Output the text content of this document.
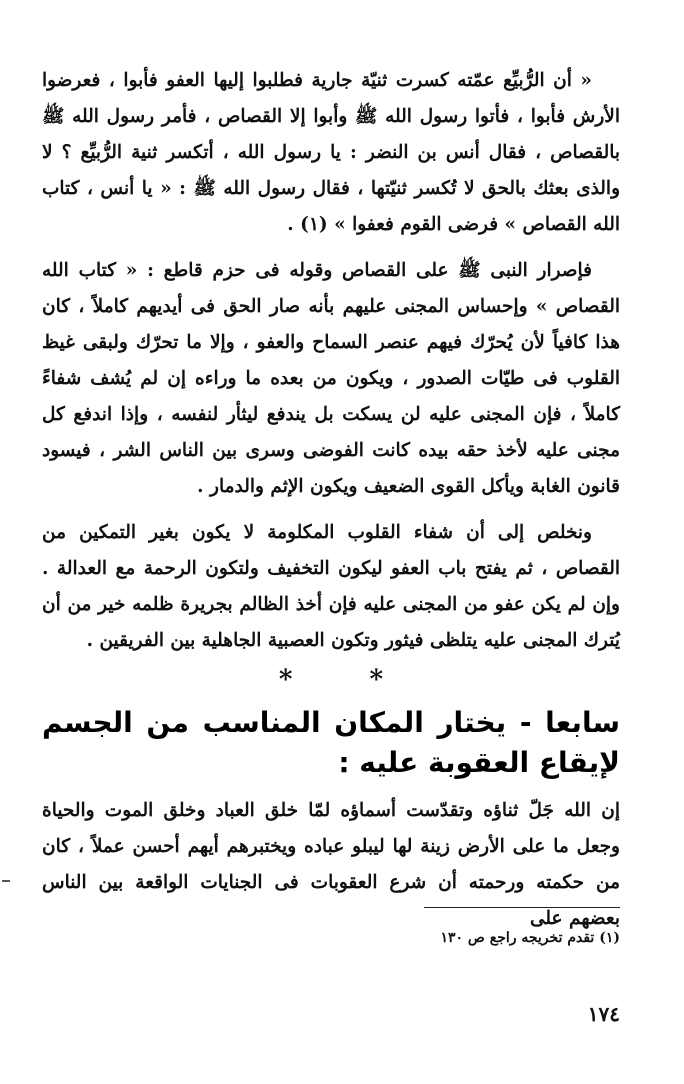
« أن الرُّبيِّع عمّته كسرت ثنيّة جارية فطلبوا إليها العفو فأبوا ، فعرضوا الأرش فأبوا ، فأتوا رسول الله ﷺ وأبوا إلا القصاص ، فأمر رسول الله ﷺ بالقصاص ، فقال أنس بن النضر : يا رسول الله ، أتكسر ثنية الرُّبيِّع ؟ لا والذى بعثك بالحق لا تُكسر ثنيّتها ، فقال رسول الله ﷺ : « يا أنس ، كتاب الله القصاص » فرضى القوم فعفوا » (١) .

فإصرار النبى ﷺ على القصاص وقوله فى حزم قاطع : « كتاب الله القصاص » وإحساس المجنى عليهم بأنه صار الحق فى أيديهم كاملاً ، كان هذا كافياً لأن يُحرّك فيهم عنصر السماح والعفو ، وإلا ما تحرّك ولبقى غيظ القلوب فى طيّات الصدور ، ويكون من بعده ما وراءه إن لم يُشف شفاءً كاملاً ، فإن المجنى عليه لن يسكت بل يندفع ليثأر لنفسه ، وإذا اندفع كل مجنى عليه لأخذ حقه بيده كانت الفوضى وسرى بين الناس الشر ، فيسود قانون الغابة ويأكل القوى الضعيف ويكون الإثم والدمار .

ونخلص إلى أن شفاء القلوب المكلومة لا يكون بغير التمكين من القصاص ، ثم يفتح باب العفو ليكون التخفيف ولتكون الرحمة مع العدالة . وإن لم يكن عفو من المجنى عليه فإن أخذ الظالم بجريرة ظلمه خير من أن يُترك المجنى عليه يتلظى فيثور وتكون العصبية الجاهلية بين الفريقين .

* *
سابعا - يختار المكان المناسب من الجسم لإيقاع العقوبة عليه :

إن الله جَلّ ثناؤه وتقدّست أسماؤه لمّا خلق العباد وخلق الموت والحياة وجعل ما على الأرض زينة لها ليبلو عباده ويختبرهم أيهم أحسن عملاً ، كان من حكمته ورحمته أن شرع العقوبات فى الجنايات الواقعة بين الناس بعضهم على

(١) تقدم تخريجه راجع ص ١٣٠
١٧٤
